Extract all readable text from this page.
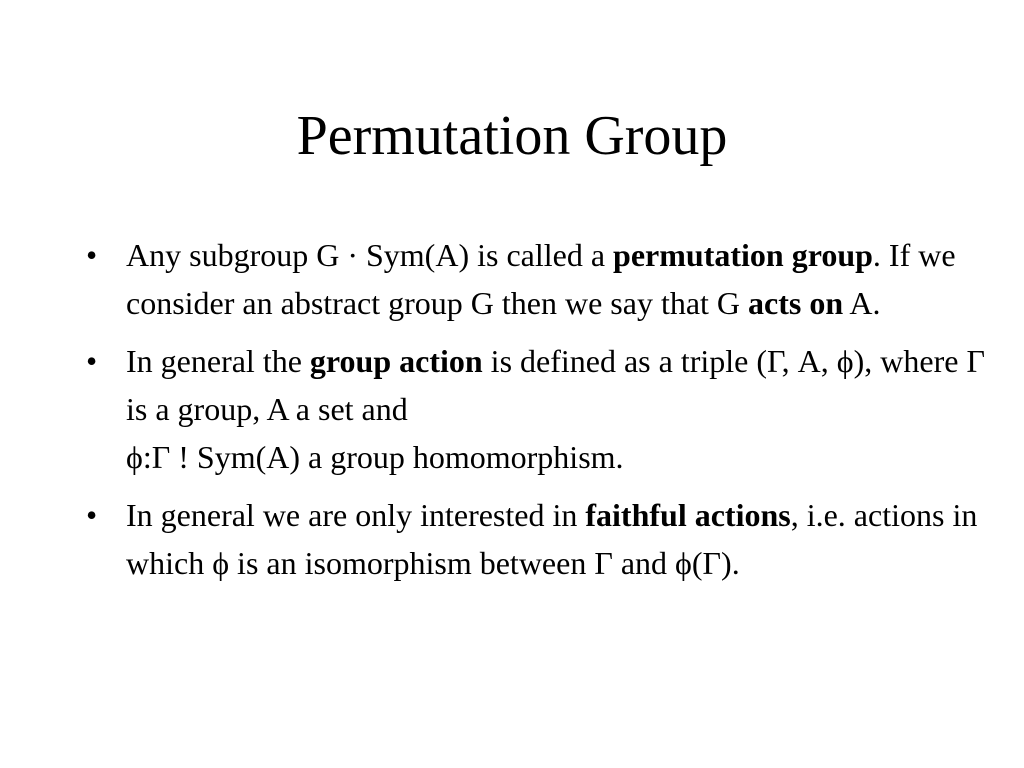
Permutation Group
• Any subgroup G · Sym(A) is called a permutation group. If we consider an abstract group G then we say that G acts on A.
• In general the group action is defined as a triple (Γ, A, ϕ), where Γ is a group, A a set and
ϕ:Γ ! Sym(A) a group homomorphism.
• In general we are only interested in faithful actions, i.e. actions in which ϕ is an isomorphism between Γ and ϕ(Γ).
